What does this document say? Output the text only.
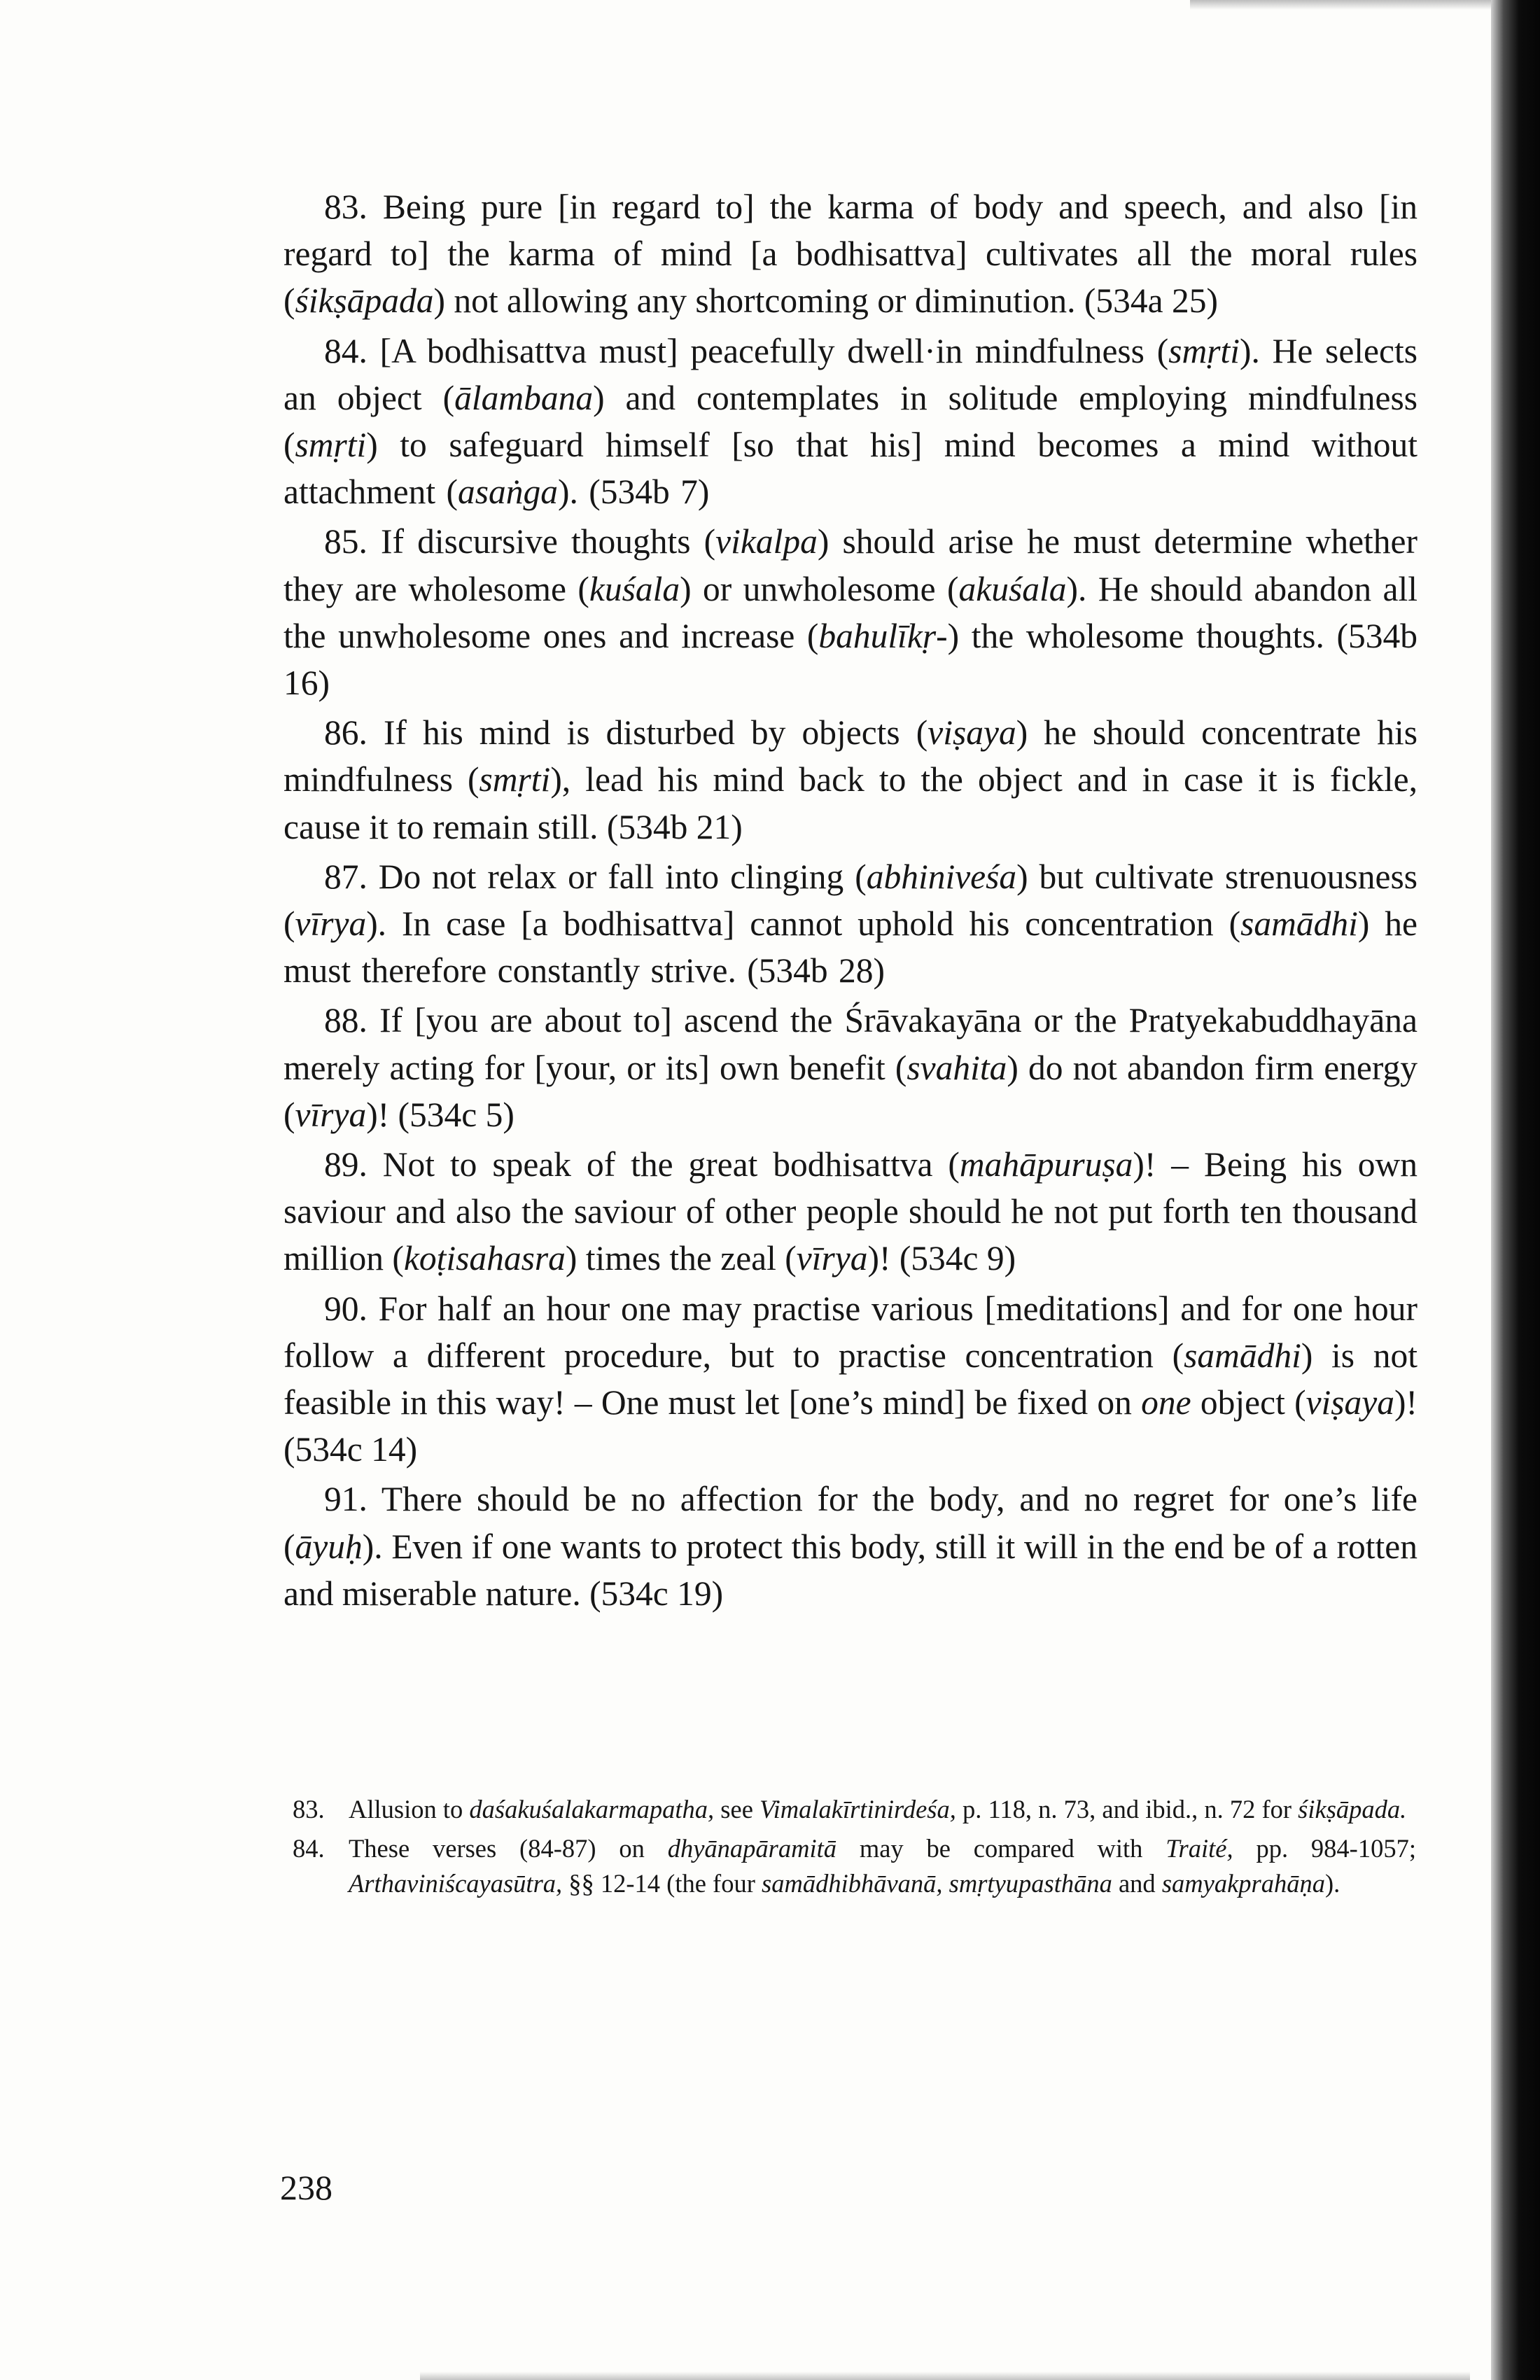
83. Being pure [in regard to] the karma of body and speech, and also [in regard to] the karma of mind [a bodhisattva] cultivates all the moral rules (śikṣāpada) not allowing any shortcoming or diminution. (534a 25)

84. [A bodhisattva must] peacefully dwell·in mindfulness (smṛti). He selects an object (ālambana) and contemplates in solitude employing mindfulness (smṛti) to safeguard himself [so that his] mind becomes a mind without attachment (asaṅga). (534b 7)

85. If discursive thoughts (vikalpa) should arise he must determine whether they are wholesome (kuśala) or unwholesome (akuśala). He should abandon all the unwholesome ones and increase (bahulīkṛ-) the wholesome thoughts. (534b 16)

86. If his mind is disturbed by objects (viṣaya) he should concentrate his mindfulness (smṛti), lead his mind back to the object and in case it is fickle, cause it to remain still. (534b 21)

87. Do not relax or fall into clinging (abhiniveśa) but cultivate strenuousness (vīrya). In case [a bodhisattva] cannot uphold his concentration (samādhi) he must therefore constantly strive. (534b 28)

88. If [you are about to] ascend the Śrāvakayāna or the Pratyekabuddhayāna merely acting for [your, or its] own benefit (svahita) do not abandon firm energy (vīrya)! (534c 5)

89. Not to speak of the great bodhisattva (mahāpuruṣa)! – Being his own saviour and also the saviour of other people should he not put forth ten thousand million (koṭisahasra) times the zeal (vīrya)! (534c 9)

90. For half an hour one may practise various [meditations] and for one hour follow a different procedure, but to practise concentration (samādhi) is not feasible in this way! – One must let [one’s mind] be fixed on one object (viṣaya)! (534c 14)

91. There should be no affection for the body, and no regret for one’s life (āyuḥ). Even if one wants to protect this body, still it will in the end be of a rotten and miserable nature. (534c 19)

83. Allusion to daśakuśalakarmapatha, see Vimalakīrtinirdeśa, p. 118, n. 73, and ibid., n. 72 for śikṣāpada.
84. These verses (84-87) on dhyānapāramitā may be compared with Traité, pp. 984-1057; Arthaviniścayasūtra, §§ 12-14 (the four samādhibhāvanā, smṛtyupasthāna and samyakprahāṇa).
238
